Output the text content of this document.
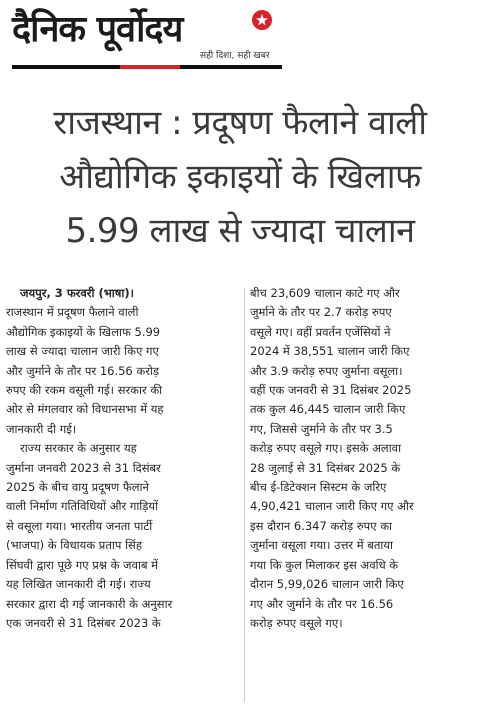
दैनिक पूर्वोदय
सही दिशा, सही खबर
राजस्थान : प्रदूषण फैलाने वाली
औद्योगिक इकाइयों के खिलाफ
5.99 लाख से ज्यादा चालान
जयपुर, 3 फरवरी (भाषा)।
राजस्थान में प्रदूषण फैलाने वाली
औद्योगिक इकाइयों के खिलाफ 5.99
लाख से ज्यादा चालान जारी किए गए
और जुर्माने के तौर पर 16.56 करोड़
रुपए की रकम वसूली गई। सरकार की
ओर से मंगलवार को विधानसभा में यह
जानकारी दी गई।
राज्य सरकार के अनुसार यह
जुर्माना जनवरी 2023 से 31 दिसंबर
2025 के बीच वायु प्रदूषण फैलाने
वाली निर्माण गतिविधियों और गाड़ियों
से वसूला गया। भारतीय जनता पार्टी
(भाजपा) के विधायक प्रताप सिंह
सिंघवी द्वारा पूछे गए प्रश्न के जवाब में
यह लिखित जानकारी दी गई। राज्य
सरकार द्वारा दी गई जानकारी के अनुसार
एक जनवरी से 31 दिसंबर 2023 के
बीच 23,609 चालान काटे गए और
जुर्माने के तौर पर 2.7 करोड़ रुपए
वसूले गए। वहीं प्रवर्तन एजेंसियों ने
2024 में 38,551 चालान जारी किए
और 3.9 करोड़ रुपए जुर्माना वसूला।
वहीं एक जनवरी से 31 दिसंबर 2025
तक कुल 46,445 चालान जारी किए
गए, जिससे जुर्माने के तौर पर 3.5
करोड़ रुपए वसूले गए। इसके अलावा
28 जुलाई से 31 दिसंबर 2025 के
बीच ई-डिटेक्शन सिस्टम के जरिए
4,90,421 चालान जारी किए गए और
इस दौरान 6.347 करोड़ रुपए का
जुर्माना वसूला गया। उत्तर में बताया
गया कि कुल मिलाकर इस अवधि के
दौरान 5,99,026 चालान जारी किए
गए और जुर्माने के तौर पर 16.56
करोड़ रुपए वसूले गए।
